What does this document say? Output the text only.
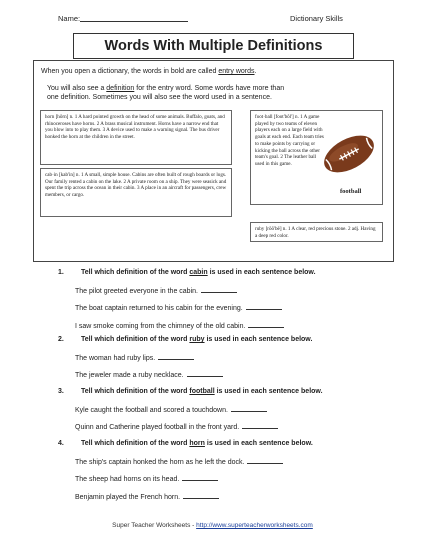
Name:	Dictionary Skills
Words With Multiple Definitions
When you open a dictionary, the words in bold are called entry words.
You will also see a definition for the entry word. Some words have more than
one definition. Sometimes you will also see the word used in a sentence.
horn [hôrn] n. 1 A hard pointed growth on the head of some animals. Buffalo, goats, and rhinoceroses have horns. 2 A brass musical instrument. Horns have a narrow end that you blow into to play them. 3 A device used to make a warning signal. The bus driver honked the horn at the children in the street.
cab·in [kab'in] n. 1 A small, simple house. Cabins are often built of rough boards or logs. Our family rented a cabin on the lake. 2 A private room on a ship. They were seasick and spent the trip across the ocean in their cabin. 3 A place in an aircraft for passengers, crew members, or cargo.
foot·ball [foot'bôl'] n. 1 A game played by two teams of eleven players each on a large field with goals at each end. Each team tries to make points by carrying or kicking the ball across the other team's goal. 2 The leather ball used in this game.
football
ruby [rōō'bē] n. 1 A clear, red precious stone. 2 adj. Having a deep red color.
1. Tell which definition of the word cabin is used in each sentence below.
The pilot greeted everyone in the cabin.
The boat captain returned to his cabin for the evening.
I saw smoke coming from the chimney of the old cabin.
2. Tell which definition of the word ruby is used in each sentence below.
The woman had ruby lips.
The jeweler made a ruby necklace.
3. Tell which definition of the word football is used in each sentence below.
Kyle caught the football and scored a touchdown.
Quinn and Catherine played football in the front yard.
4. Tell which definition of the word horn is used in each sentence below.
The ship's captain honked the horn as he left the dock.
The sheep had horns on its head.
Benjamin played the French horn.
Super Teacher Worksheets - http://www.superteacherworksheets.com
